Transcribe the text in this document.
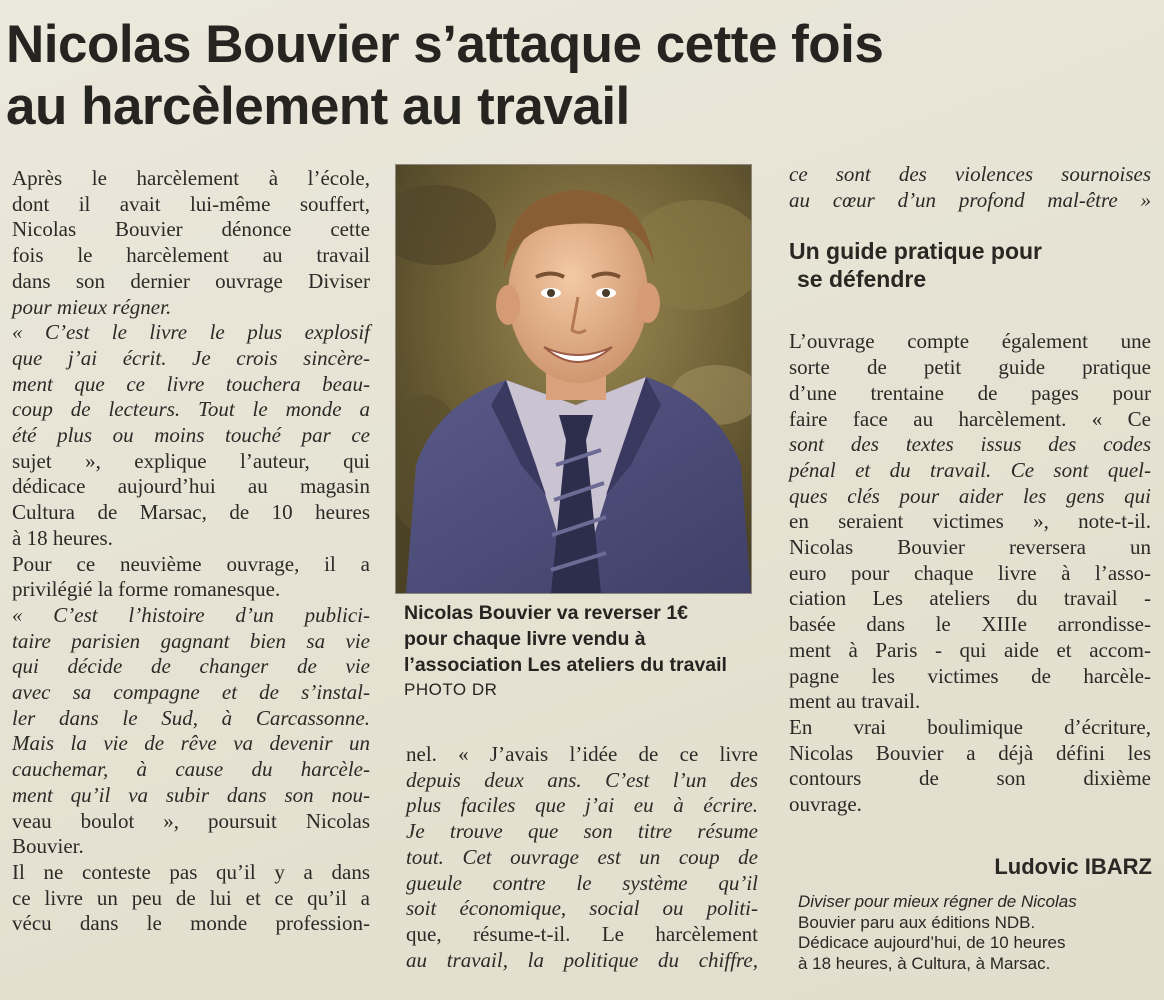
Nicolas Bouvier s’attaque cette fois
au harcèlement au travail

Après le harcèlement à l’école,
dont il avait lui-même souffert,
Nicolas Bouvier dénonce cette
fois le harcèlement au travail
dans son dernier ouvrage Diviser
pour mieux régner.
« C’est le livre le plus explosif
que j’ai écrit. Je crois sincère-
ment que ce livre touchera beau-
coup de lecteurs. Tout le monde a
été plus ou moins touché par ce
sujet », explique l’auteur, qui
dédicace aujourd’hui au magasin
Cultura de Marsac, de 10 heures
à 18 heures.

Pour ce neuvième ouvrage, il a
privilégié la forme romanesque.
« C’est l’histoire d’un publici-
taire parisien gagnant bien sa vie
qui décide de changer de vie
avec sa compagne et de s’instal-
ler dans le Sud, à Carcassonne.
Mais la vie de rêve va devenir un
cauchemar, à cause du harcèle-
ment qu’il va subir dans son nou-
veau boulot », poursuit Nicolas
Bouvier.

Il ne conteste pas qu’il y a dans
ce livre un peu de lui et ce qu’il a
vécu dans le monde profession-

Nicolas Bouvier va reverser 1€
pour chaque livre vendu à
l’association Les ateliers du travail
PHOTO DR

nel. « J’avais l’idée de ce livre
depuis deux ans. C’est l’un des
plus faciles que j’ai eu à écrire.
Je trouve que son titre résume
tout. Cet ouvrage est un coup de
gueule contre le système qu’il
soit économique, social ou politi-
que, résume-t-il. Le harcèlement
au travail, la politique du chiffre,

ce sont des violences sournoises
au cœur d’un profond mal-être »

Un guide pratique pour
se défendre

L’ouvrage compte également une
sorte de petit guide pratique
d’une trentaine de pages pour
faire face au harcèlement. « Ce
sont des textes issus des codes
pénal et du travail. Ce sont quel-
ques clés pour aider les gens qui
en seraient victimes », note-t-il.
Nicolas Bouvier reversera un
euro pour chaque livre à l’asso-
ciation Les ateliers du travail -
basée dans le XIIIe arrondisse-
ment à Paris - qui aide et accom-
pagne les victimes de harcèle-
ment au travail.

En vrai boulimique d’écriture,
Nicolas Bouvier a déjà défini les
contours de son dixième
ouvrage.

Ludovic IBARZ
Diviser pour mieux régner de Nicolas
Bouvier paru aux éditions NDB.
Dédicace aujourd’hui, de 10 heures
à 18 heures, à Cultura, à Marsac.
